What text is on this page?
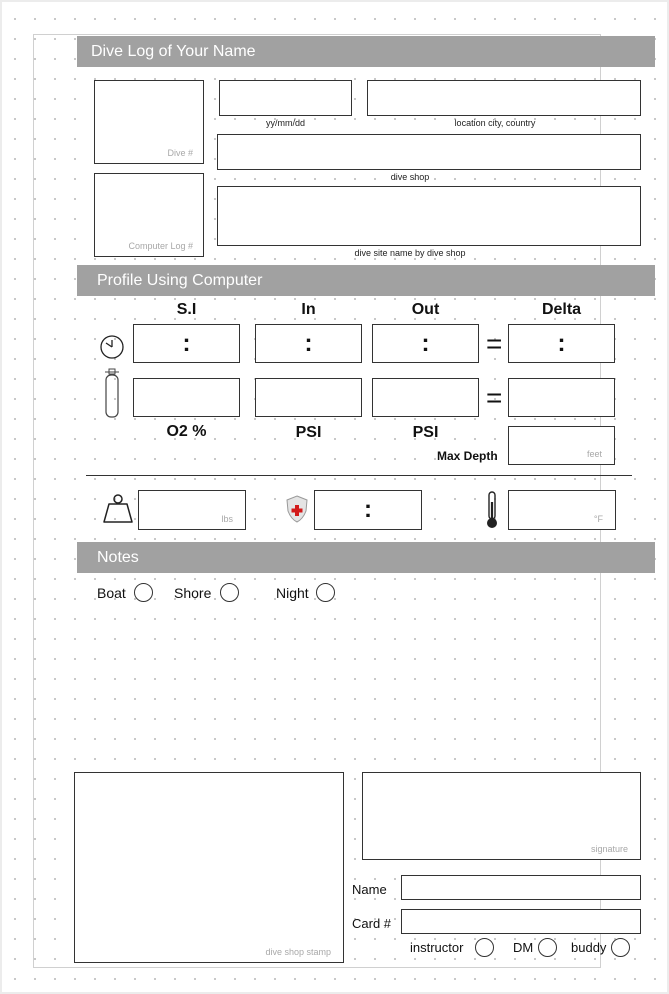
Dive Log of Your Name
Dive #
Computer Log #
yy/mm/dd	location city, country
dive shop
dive site name by dive shop
Profile Using Computer
S.I	In	Out	Delta
:	:	:	=	:
=
O2 %	PSI	PSI
Max Depth	feet
lbs	:	°F
Notes
Boat	Shore	Night
dive shop stamp
signature
Name
Card #
instructor	DM	buddy
